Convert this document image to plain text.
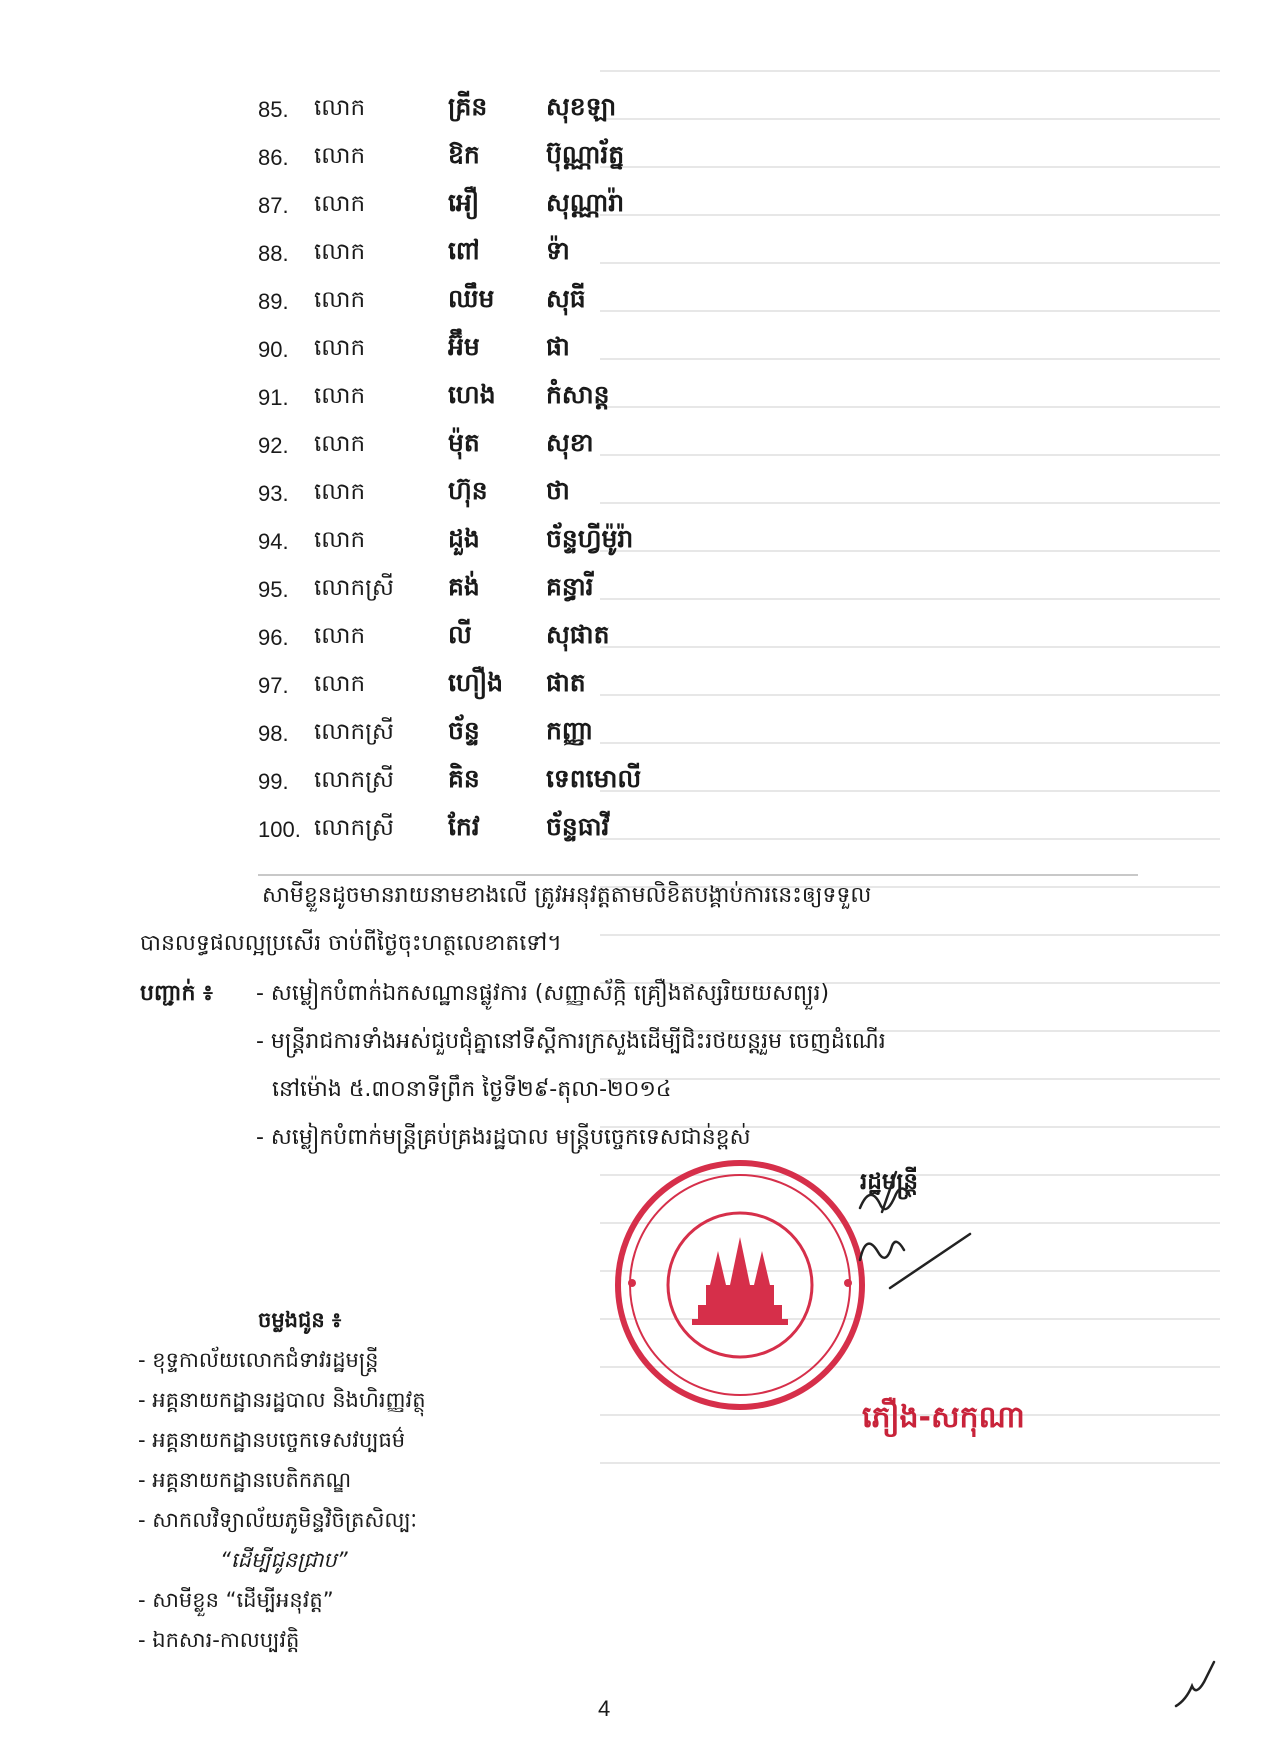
85.	លោក	គ្រីន	សុខឡា
86.	លោក	ឱក	ប៊ុណ្ណារ័ត្ន
87.	លោក	អឿ	សុណ្ណារ៉ា
88.	លោក	ពៅ	ទ៉ា
89.	លោក	ឈឹម	សុធី
90.	លោក	អ៊ឹម	ផា
91.	លោក	ហេង	កំសាន្ត
92.	លោក	ម៉ុត	សុខា
93.	លោក	ហ៊ុន	ថា
94.	លោក	ដួង	ច័ន្ទហ្វីម៉ូរ៉ា
95.	លោកស្រី	គង់	គន្ធារី
96.	លោក	លី	សុផាត
97.	លោក	ហឿង	ផាត
98.	លោកស្រី	ច័ន្ទ	កញ្ញា
99.	លោកស្រី	គិន	ទេពមោលី
100. លោកស្រី	កែវ	ច័ន្ទធាវី
សាមីខ្លួនដូចមានរាយនាមខាងលើ ត្រូវអនុវត្តតាមលិខិតបង្គាប់ការនេះឲ្យទទួល
បានលទ្ធផលល្អប្រសើរ ចាប់ពីថ្ងៃចុះហត្ថលេខាតទៅ។
បញ្ជាក់ ៖	- សម្លៀកបំពាក់ឯកសណ្ឋានផ្លូវការ (សញ្ញាស័ក្កិ គ្រឿងឥស្សរិយយសព្យួរ)
- មន្ត្រីរាជការទាំងអស់ជួបជុំគ្នានៅទីស្តីការក្រសួងដើម្បីជិះរថយន្តរួម ចេញដំណើរ
នៅម៉ោង ៥.៣០នាទីព្រឹក ថ្ងៃទី២៩-តុលា-២០១៤
- សម្លៀកបំពាក់មន្ត្រីគ្រប់គ្រងរដ្ឋបាល មន្ត្រីបច្ចេកទេសជាន់ខ្ពស់
រដ្ឋមន្ត្រី
ភឿង-សកុណា
ចម្លងជូន ៖
- ខុទ្ទកាល័យលោកជំទាវរដ្ឋមន្ត្រី
- អគ្គនាយកដ្ឋានរដ្ឋបាល និងហិរញ្ញវត្ថុ
- អគ្គនាយកដ្ឋានបច្ចេកទេសវប្បធម៌
- អគ្គនាយកដ្ឋានបេតិកភណ្ឌ
- សាកលវិទ្យាល័យភូមិន្ទវិចិត្រសិល្បៈ
“ដើម្បីជូនជ្រាប”
- សាមីខ្លួន “ដើម្បីអនុវត្ត”
- ឯកសារ-កាលប្បវត្តិ
4
